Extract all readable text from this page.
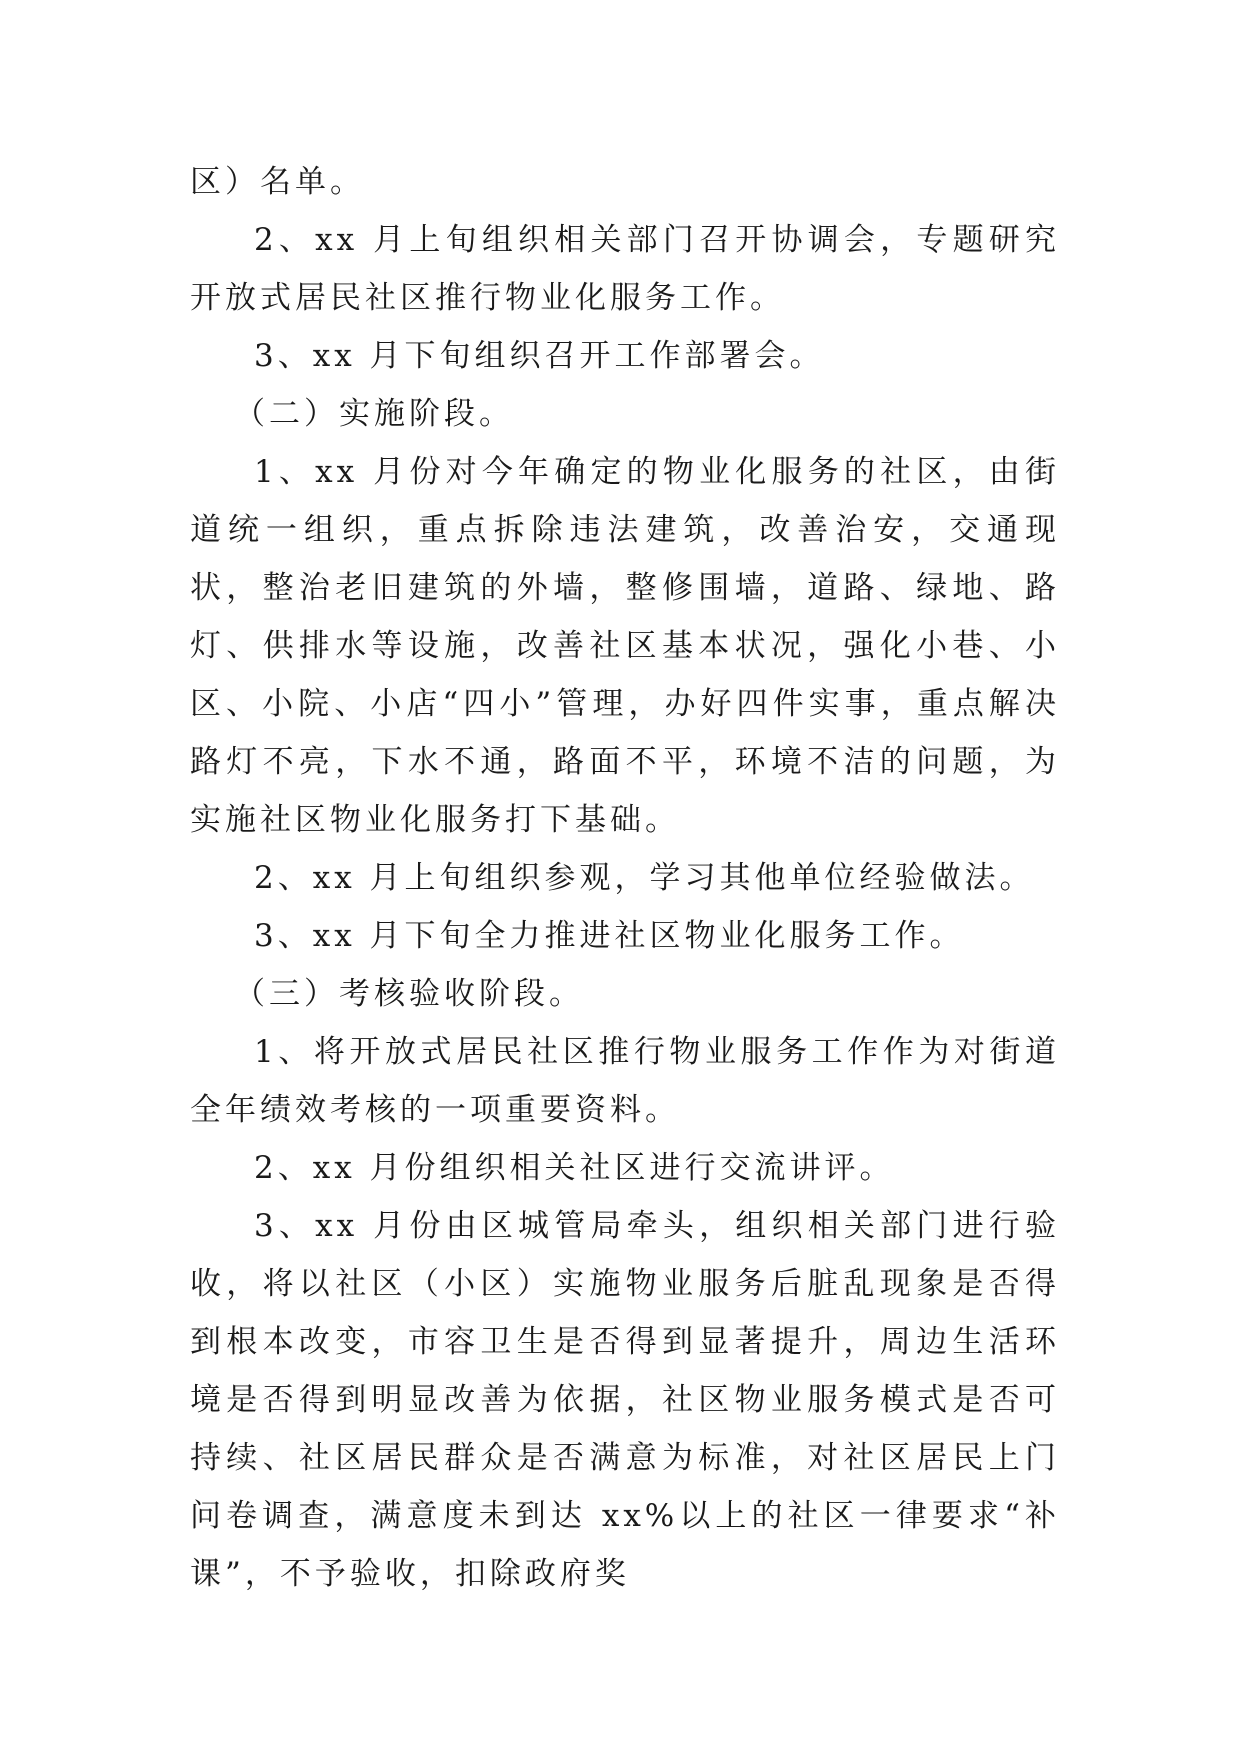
区）名单。

2、xx 月上旬组织相关部门召开协调会，专题研究开放式居民社区推行物业化服务工作。

3、xx 月下旬组织召开工作部署会。

（二）实施阶段。

1、xx 月份对今年确定的物业化服务的社区，由街道统一组织，重点拆除违法建筑，改善治安，交通现状，整治老旧建筑的外墙，整修围墙，道路、绿地、路灯、供排水等设施，改善社区基本状况，强化小巷、小区、小院、小店“四小”管理，办好四件实事，重点解决路灯不亮，下水不通，路面不平，环境不洁的问题，为实施社区物业化服务打下基础。

2、xx 月上旬组织参观，学习其他单位经验做法。

3、xx 月下旬全力推进社区物业化服务工作。

（三）考核验收阶段。

1、将开放式居民社区推行物业服务工作作为对街道全年绩效考核的一项重要资料。

2、xx 月份组织相关社区进行交流讲评。

3、xx 月份由区城管局牵头，组织相关部门进行验收，将以社区（小区）实施物业服务后脏乱现象是否得到根本改变，市容卫生是否得到显著提升，周边生活环境是否得到明显改善为依据，社区物业服务模式是否可持续、社区居民群众是否满意为标准，对社区居民上门问卷调查，满意度未到达 xx%以上的社区一律要求“补课”，不予验收，扣除政府奖
